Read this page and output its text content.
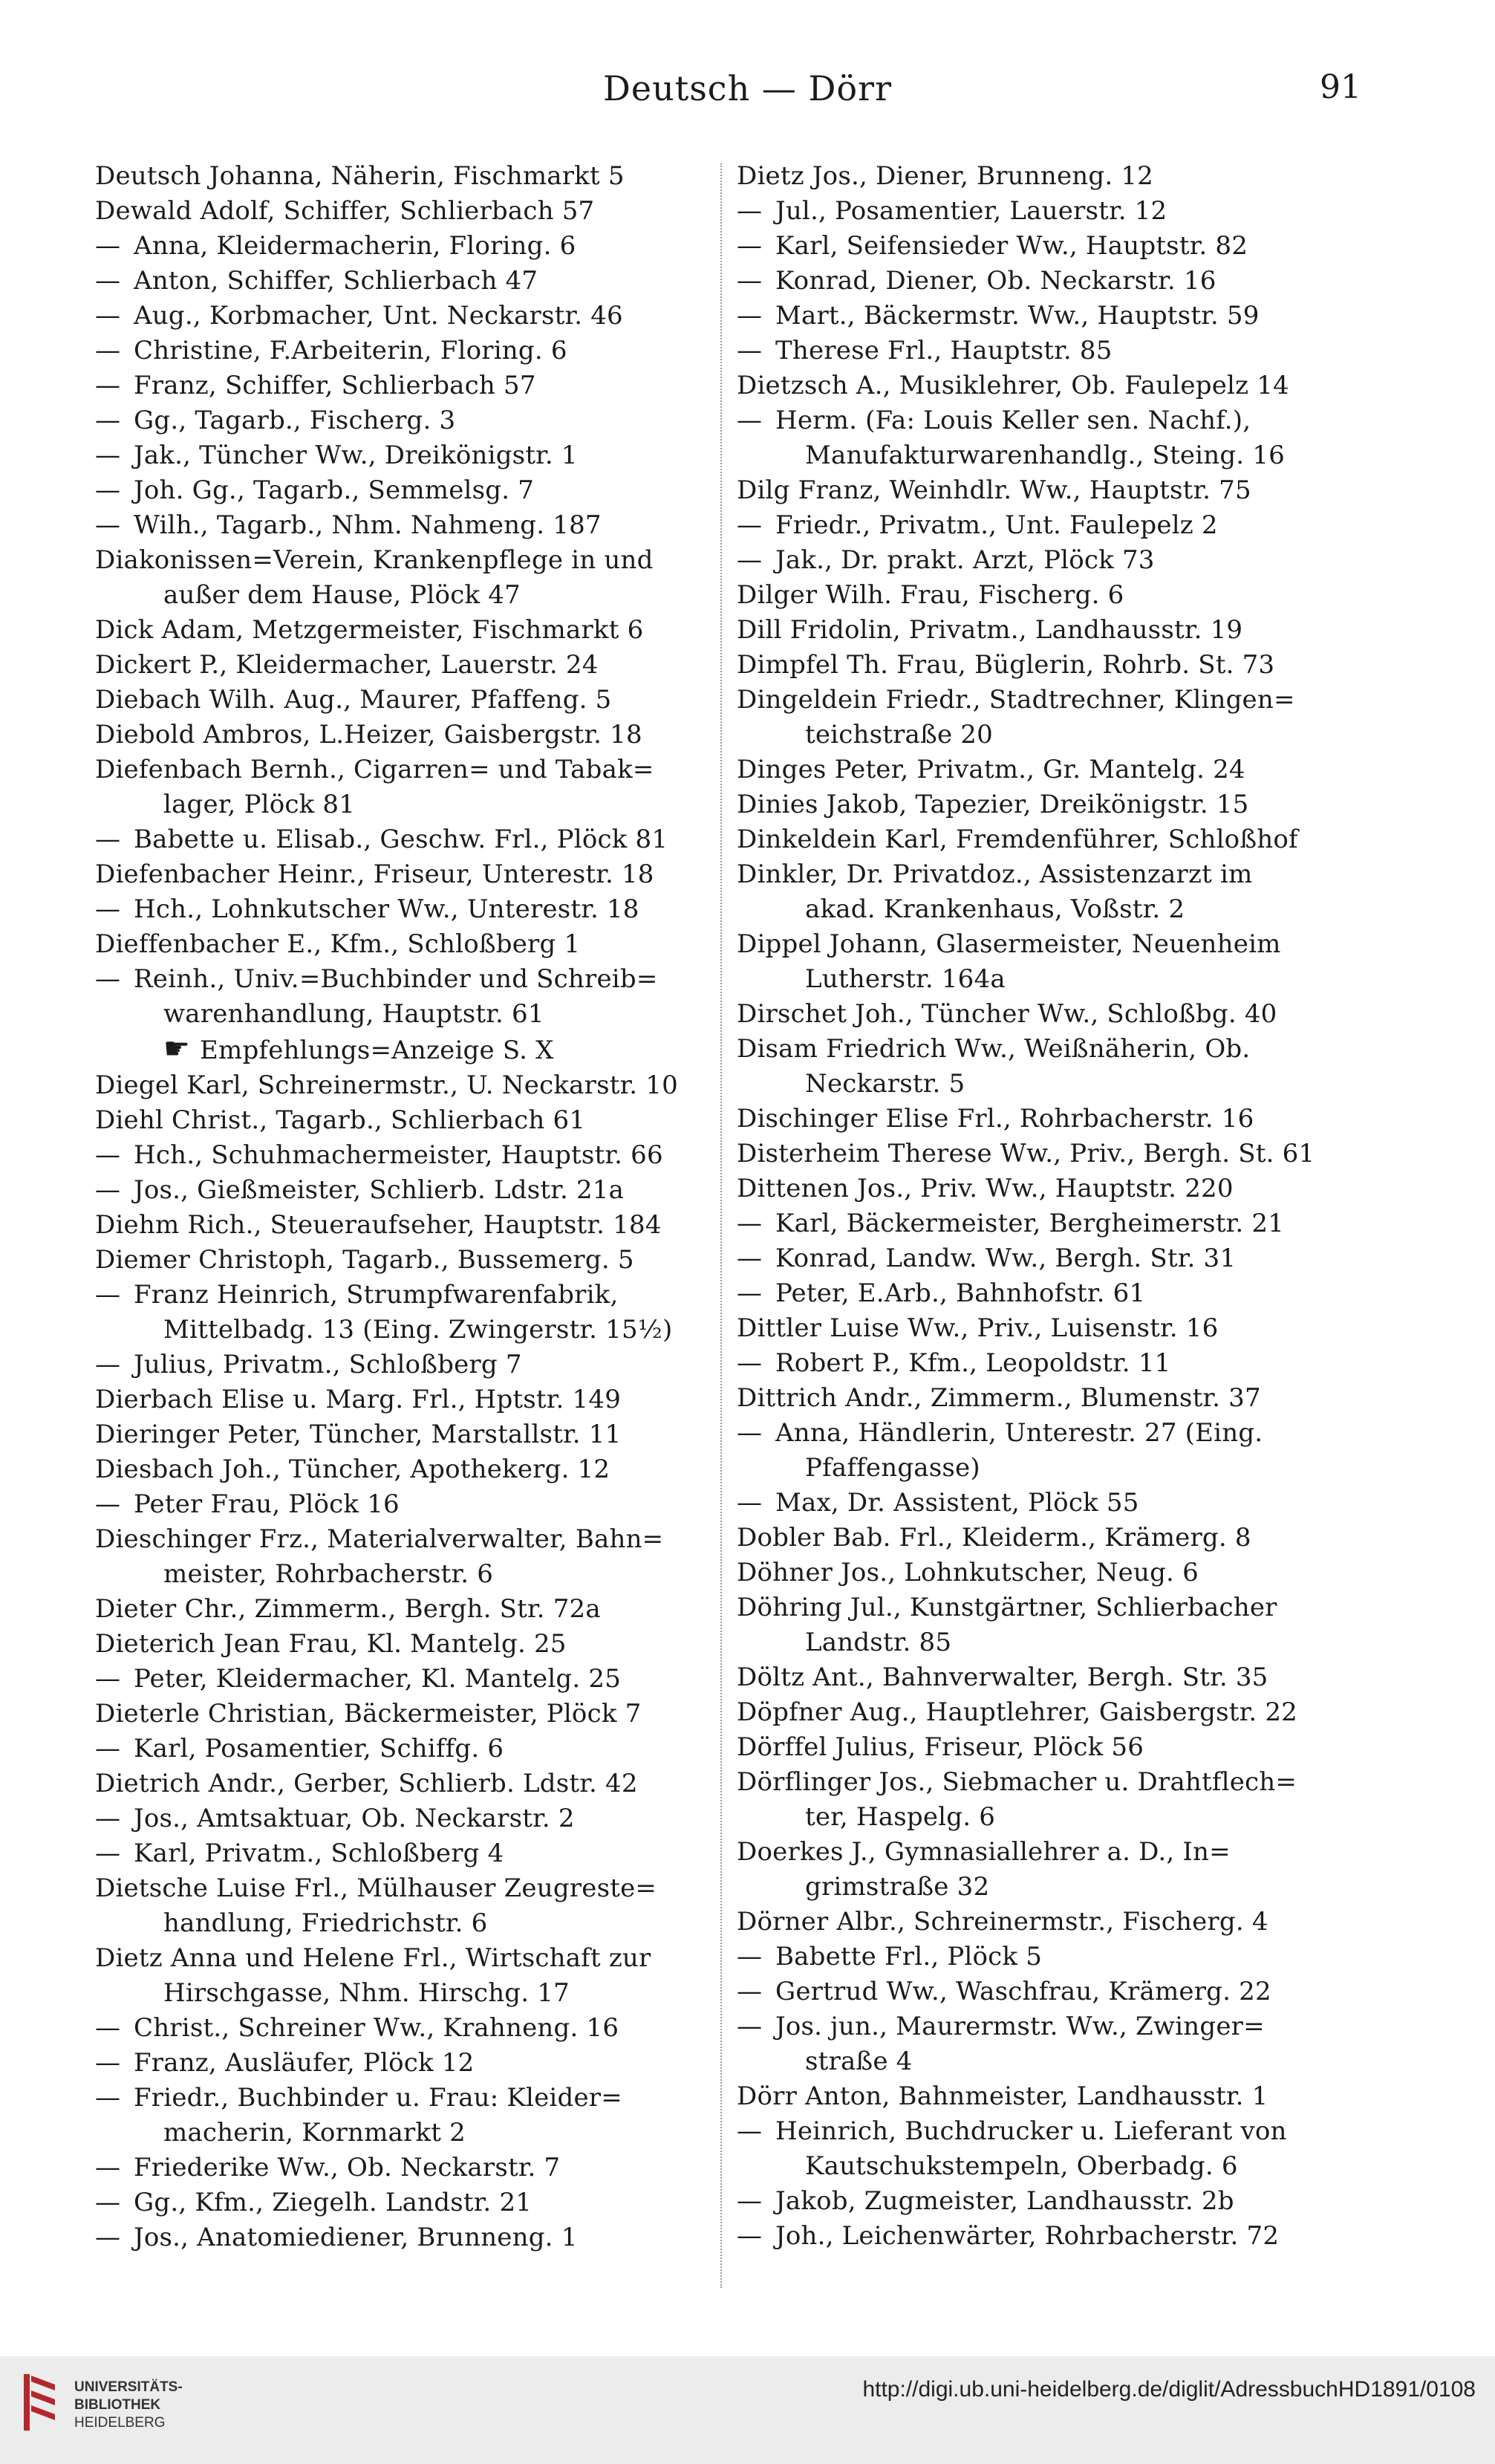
Deutsch — Dörr	91
Deutsch Johanna, Näherin, Fischmarkt 5
Dewald Adolf, Schiffer, Schlierbach 57
— Anna, Kleidermacherin, Floring. 6
— Anton, Schiffer, Schlierbach 47
— Aug., Korbmacher, Unt. Neckarstr. 46
— Christine, F.Arbeiterin, Floring. 6
— Franz, Schiffer, Schlierbach 57
— Gg., Tagarb., Fischerg. 3
— Jak., Tüncher Ww., Dreikönigstr. 1
— Joh. Gg., Tagarb., Semmelsg. 7
— Wilh., Tagarb., Nhm. Nahmeng. 187
Diakonissen=Verein, Krankenpflege in und
außer dem Hause, Plöck 47
Dick Adam, Metzgermeister, Fischmarkt 6
Dickert P., Kleidermacher, Lauerstr. 24
Diebach Wilh. Aug., Maurer, Pfaffeng. 5
Diebold Ambros, L.Heizer, Gaisbergstr. 18
Diefenbach Bernh., Cigarren= und Tabak=
lager, Plöck 81
— Babette u. Elisab., Geschw. Frl., Plöck 81
Diefenbacher Heinr., Friseur, Unterestr. 18
— Hch., Lohnkutscher Ww., Unterestr. 18
Dieffenbacher E., Kfm., Schloßberg 1
— Reinh., Univ.=Buchbinder und Schreib=
warenhandlung, Hauptstr. 61
☛ Empfehlungs=Anzeige S. X
Diegel Karl, Schreinermstr., U. Neckarstr. 10
Diehl Christ., Tagarb., Schlierbach 61
— Hch., Schuhmachermeister, Hauptstr. 66
— Jos., Gießmeister, Schlierb. Ldstr. 21a
Diehm Rich., Steueraufseher, Hauptstr. 184
Diemer Christoph, Tagarb., Bussemerg. 5
— Franz Heinrich, Strumpfwarenfabrik,
Mittelbadg. 13 (Eing. Zwingerstr. 15½)
— Julius, Privatm., Schloßberg 7
Dierbach Elise u. Marg. Frl., Hptstr. 149
Dieringer Peter, Tüncher, Marstallstr. 11
Diesbach Joh., Tüncher, Apothekerg. 12
— Peter Frau, Plöck 16
Dieschinger Frz., Materialverwalter, Bahn=
meister, Rohrbacherstr. 6
Dieter Chr., Zimmerm., Bergh. Str. 72a
Dieterich Jean Frau, Kl. Mantelg. 25
— Peter, Kleidermacher, Kl. Mantelg. 25
Dieterle Christian, Bäckermeister, Plöck 7
— Karl, Posamentier, Schiffg. 6
Dietrich Andr., Gerber, Schlierb. Ldstr. 42
— Jos., Amtsaktuar, Ob. Neckarstr. 2
— Karl, Privatm., Schloßberg 4
Dietsche Luise Frl., Mülhauser Zeugreste=
handlung, Friedrichstr. 6
Dietz Anna und Helene Frl., Wirtschaft zur
Hirschgasse, Nhm. Hirschg. 17
— Christ., Schreiner Ww., Krahneng. 16
— Franz, Ausläufer, Plöck 12
— Friedr., Buchbinder u. Frau: Kleider=
macherin, Kornmarkt 2
— Friederike Ww., Ob. Neckarstr. 7
— Gg., Kfm., Ziegelh. Landstr. 21
— Jos., Anatomiediener, Brunneng. 1
Dietz Jos., Diener, Brunneng. 12
— Jul., Posamentier, Lauerstr. 12
— Karl, Seifensieder Ww., Hauptstr. 82
— Konrad, Diener, Ob. Neckarstr. 16
— Mart., Bäckermstr. Ww., Hauptstr. 59
— Therese Frl., Hauptstr. 85
Dietzsch A., Musiklehrer, Ob. Faulepelz 14
— Herm. (Fa: Louis Keller sen. Nachf.),
Manufakturwarenhandlg., Steing. 16
Dilg Franz, Weinhdlr. Ww., Hauptstr. 75
— Friedr., Privatm., Unt. Faulepelz 2
— Jak., Dr. prakt. Arzt, Plöck 73
Dilger Wilh. Frau, Fischerg. 6
Dill Fridolin, Privatm., Landhausstr. 19
Dimpfel Th. Frau, Büglerin, Rohrb. St. 73
Dingeldein Friedr., Stadtrechner, Klingen=
teichstraße 20
Dinges Peter, Privatm., Gr. Mantelg. 24
Dinies Jakob, Tapezier, Dreikönigstr. 15
Dinkeldein Karl, Fremdenführer, Schloßhof
Dinkler, Dr. Privatdoz., Assistenzarzt im
akad. Krankenhaus, Voßstr. 2
Dippel Johann, Glasermeister, Neuenheim
Lutherstr. 164a
Dirschet Joh., Tüncher Ww., Schloßbg. 40
Disam Friedrich Ww., Weißnäherin, Ob.
Neckarstr. 5
Dischinger Elise Frl., Rohrbacherstr. 16
Disterheim Therese Ww., Priv., Bergh. St. 61
Dittenen Jos., Priv. Ww., Hauptstr. 220
— Karl, Bäckermeister, Bergheimerstr. 21
— Konrad, Landw. Ww., Bergh. Str. 31
— Peter, E.Arb., Bahnhofstr. 61
Dittler Luise Ww., Priv., Luisenstr. 16
— Robert P., Kfm., Leopoldstr. 11
Dittrich Andr., Zimmerm., Blumenstr. 37
— Anna, Händlerin, Unterestr. 27 (Eing.
Pfaffengasse)
— Max, Dr. Assistent, Plöck 55
Dobler Bab. Frl., Kleiderm., Krämerg. 8
Döhner Jos., Lohnkutscher, Neug. 6
Döhring Jul., Kunstgärtner, Schlierbacher
Landstr. 85
Döltz Ant., Bahnverwalter, Bergh. Str. 35
Döpfner Aug., Hauptlehrer, Gaisbergstr. 22
Dörffel Julius, Friseur, Plöck 56
Dörflinger Jos., Siebmacher u. Drahtflech=
ter, Haspelg. 6
Doerkes J., Gymnasiallehrer a. D., In=
grimstraße 32
Dörner Albr., Schreinermstr., Fischerg. 4
— Babette Frl., Plöck 5
— Gertrud Ww., Waschfrau, Krämerg. 22
— Jos. jun., Maurermstr. Ww., Zwinger=
straße 4
Dörr Anton, Bahnmeister, Landhausstr. 1
— Heinrich, Buchdrucker u. Lieferant von
Kautschukstempeln, Oberbadg. 6
— Jakob, Zugmeister, Landhausstr. 2b
— Joh., Leichenwärter, Rohrbacherstr. 72
UNIVERSITÄTS-
BIBLIOTHEK
HEIDELBERG
http://digi.ub.uni-heidelberg.de/diglit/AdressbuchHD1891/0108
